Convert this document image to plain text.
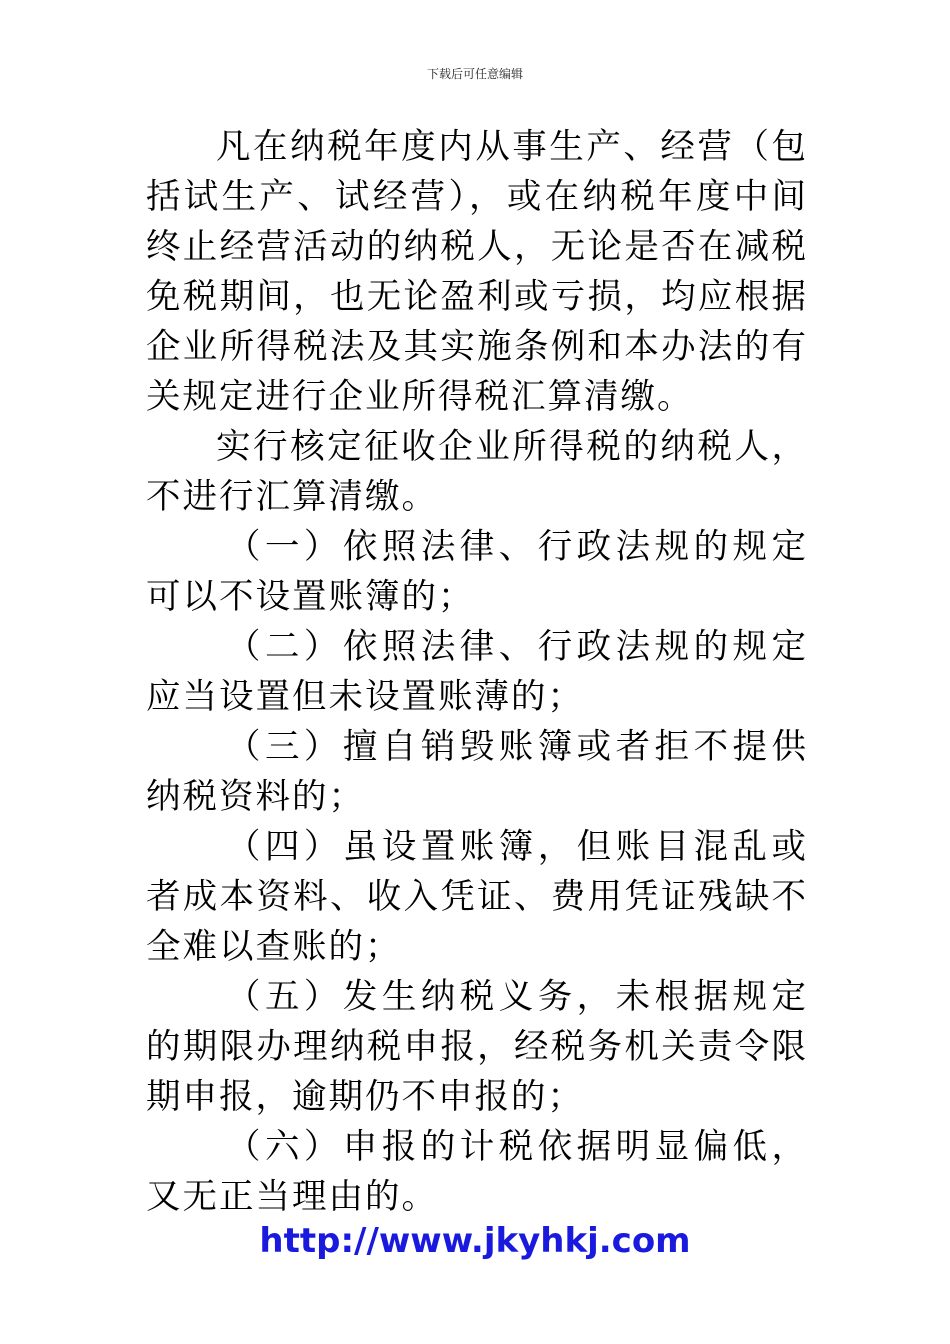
下载后可任意编辑

凡在纳税年度内从事生产、经营（包括试生产、试经营），或在纳税年度中间终止经营活动的纳税人，无论是否在减税免税期间，也无论盈利或亏损，均应根据企业所得税法及其实施条例和本办法的有关规定进行企业所得税汇算清缴。

实行核定征收企业所得税的纳税人，不进行汇算清缴。

（一）依照法律、行政法规的规定可以不设置账簿的；

（二）依照法律、行政法规的规定应当设置但未设置账薄的；

（三）擅自销毁账簿或者拒不提供纳税资料的；

（四）虽设置账簿，但账目混乱或者成本资料、收入凭证、费用凭证残缺不全难以查账的；

（五）发生纳税义务，未根据规定的期限办理纳税申报，经税务机关责令限期申报，逾期仍不申报的；

（六）申报的计税依据明显偏低，又无正当理由的。

http://www.jkyhkj.com
